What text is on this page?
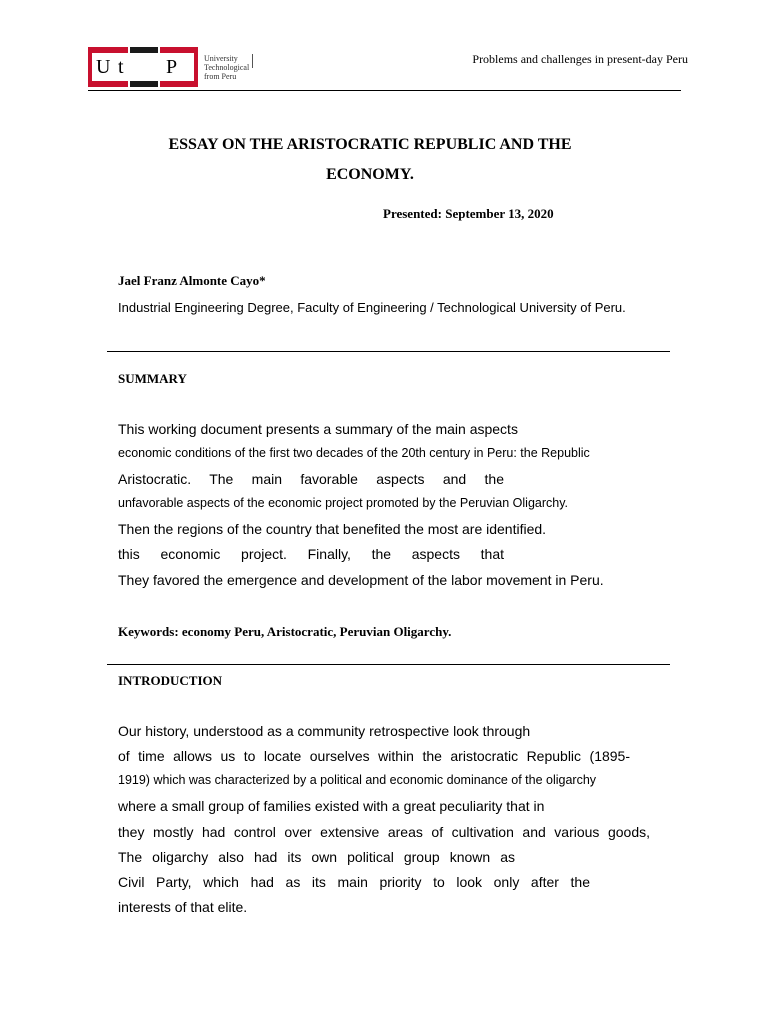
U t P	University
Technological
from Peru
Problems and challenges in present-day Peru
ESSAY ON THE ARISTOCRATIC REPUBLIC AND THE
ECONOMY.
Presented: September 13, 2020
Jael Franz Almonte Cayo*
Industrial Engineering Degree, Faculty of Engineering / Technological University of Peru.
SUMMARY
This working document presents a summary of the main aspects
economic conditions of the first two decades of the 20th century in Peru: the Republic
Aristocratic. The main favorable aspects and the
unfavorable aspects of the economic project promoted by the Peruvian Oligarchy.
Then the regions of the country that benefited the most are identified.
this economic project. Finally, the aspects that
They favored the emergence and development of the labor movement in Peru.
Keywords: economy Peru, Aristocratic, Peruvian Oligarchy.
INTRODUCTION
Our history, understood as a community retrospective look through
of time allows us to locate ourselves within the aristocratic Republic (1895-
1919) which was characterized by a political and economic dominance of the oligarchy
where a small group of families existed with a great peculiarity that in
they mostly had control over extensive areas of cultivation and various goods,
The oligarchy also had its own political group known as
Civil Party, which had as its main priority to look only after the
interests of that elite.
